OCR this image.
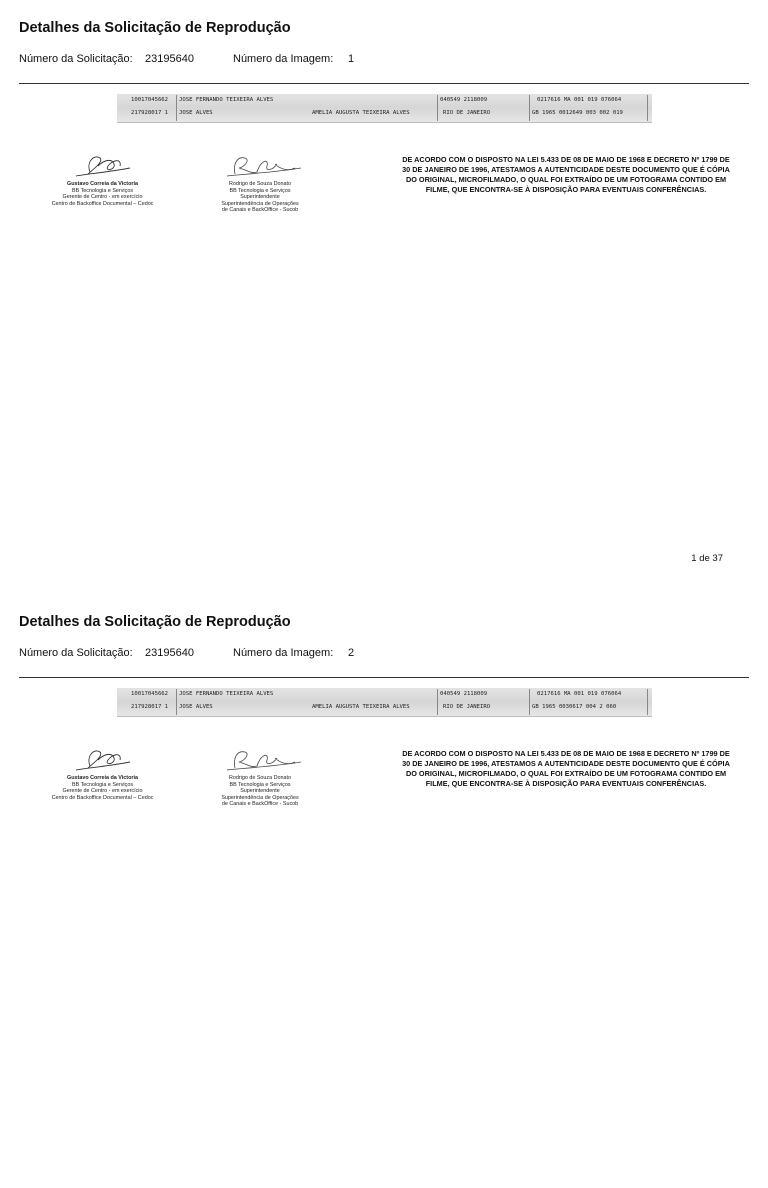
Detalhes da Solicitação de Reprodução
Número da Solicitação: 23195640	Número da Imagem: 1
10017045662 JOSE FERNANDO TEIXEIRA ALVES	040549 2118009	0217616 MA 001 019 076064
217928017 1 JOSE ALVES	AMELIA AUGUSTA TEIXEIRA ALVES	RIO DE JANEIRO	GB 1965 0012649 003 002 019
Gustavo Correia da Victoria
BB Tecnologia e Serviços
Gerente de Centro - em exercício
Centro de Backoffice Documental – Cedoc
Rodrigo de Souza Donato
BB Tecnologia e Serviços
Superintendente
Superintendência de Operações
de Canais e BackOffice - Sucob
DE ACORDO COM O DISPOSTO NA LEI 5.433 DE 08 DE MAIO DE 1968 E DECRETO Nº 1799 DE 30 DE JANEIRO DE 1996, ATESTAMOS A AUTENTICIDADE DESTE DOCUMENTO QUE É CÓPIA DO ORIGINAL, MICROFILMADO, O QUAL FOI EXTRAÍDO DE UM FOTOGRAMA CONTIDO EM FILME, QUE ENCONTRA-SE À DISPOSIÇÃO PARA EVENTUAIS CONFERÊNCIAS.
1 de 37
Detalhes da Solicitação de Reprodução
Número da Solicitação: 23195640	Número da Imagem: 2
10017045662 JOSE FERNANDO TEIXEIRA ALVES	040549 2118009	0217616 MA 001 019 076064
217928017 1 JOSE ALVES	AMELIA AUGUSTA TEIXEIRA ALVES	RIO DE JANEIRO	GB 1965 0030617 004 2 060
Gustavo Correia da Victoria
BB Tecnologia e Serviços
Gerente de Centro - em exercício
Centro de Backoffice Documental – Cedoc
Rodrigo de Souza Donato
BB Tecnologia e Serviços
Superintendente
Superintendência de Operações
de Canais e BackOffice - Sucob
DE ACORDO COM O DISPOSTO NA LEI 5.433 DE 08 DE MAIO DE 1968 E DECRETO Nº 1799 DE 30 DE JANEIRO DE 1996, ATESTAMOS A AUTENTICIDADE DESTE DOCUMENTO QUE É CÓPIA DO ORIGINAL, MICROFILMADO, O QUAL FOI EXTRAÍDO DE UM FOTOGRAMA CONTIDO EM FILME, QUE ENCONTRA-SE À DISPOSIÇÃO PARA EVENTUAIS CONFERÊNCIAS.
